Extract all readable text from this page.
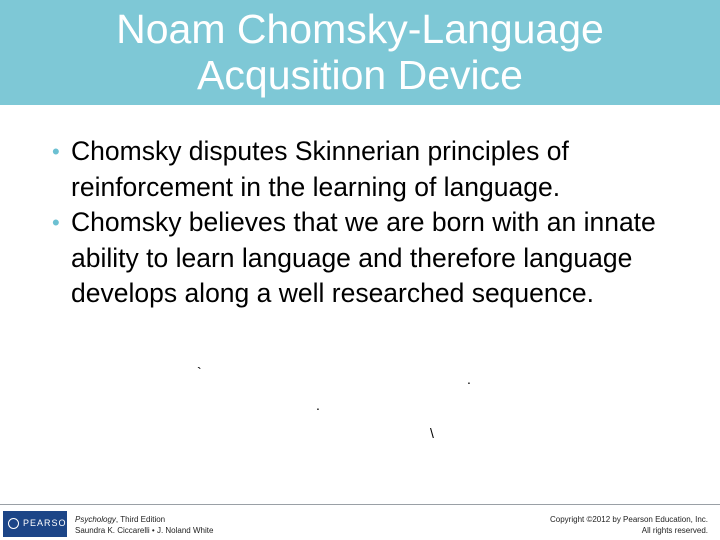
Noam Chomsky-Language
Acqusition Device
• Chomsky disputes Skinnerian principles of reinforcement in the learning of language.
• Chomsky believes that we are born with an innate ability to learn language and therefore language develops along a well researched sequence.
`	.
.
\
PEARSON Psychology, Third Edition
Saundra K. Ciccarelli • J. Noland White
Copyright ©2012 by Pearson Education, Inc.
All rights reserved.
